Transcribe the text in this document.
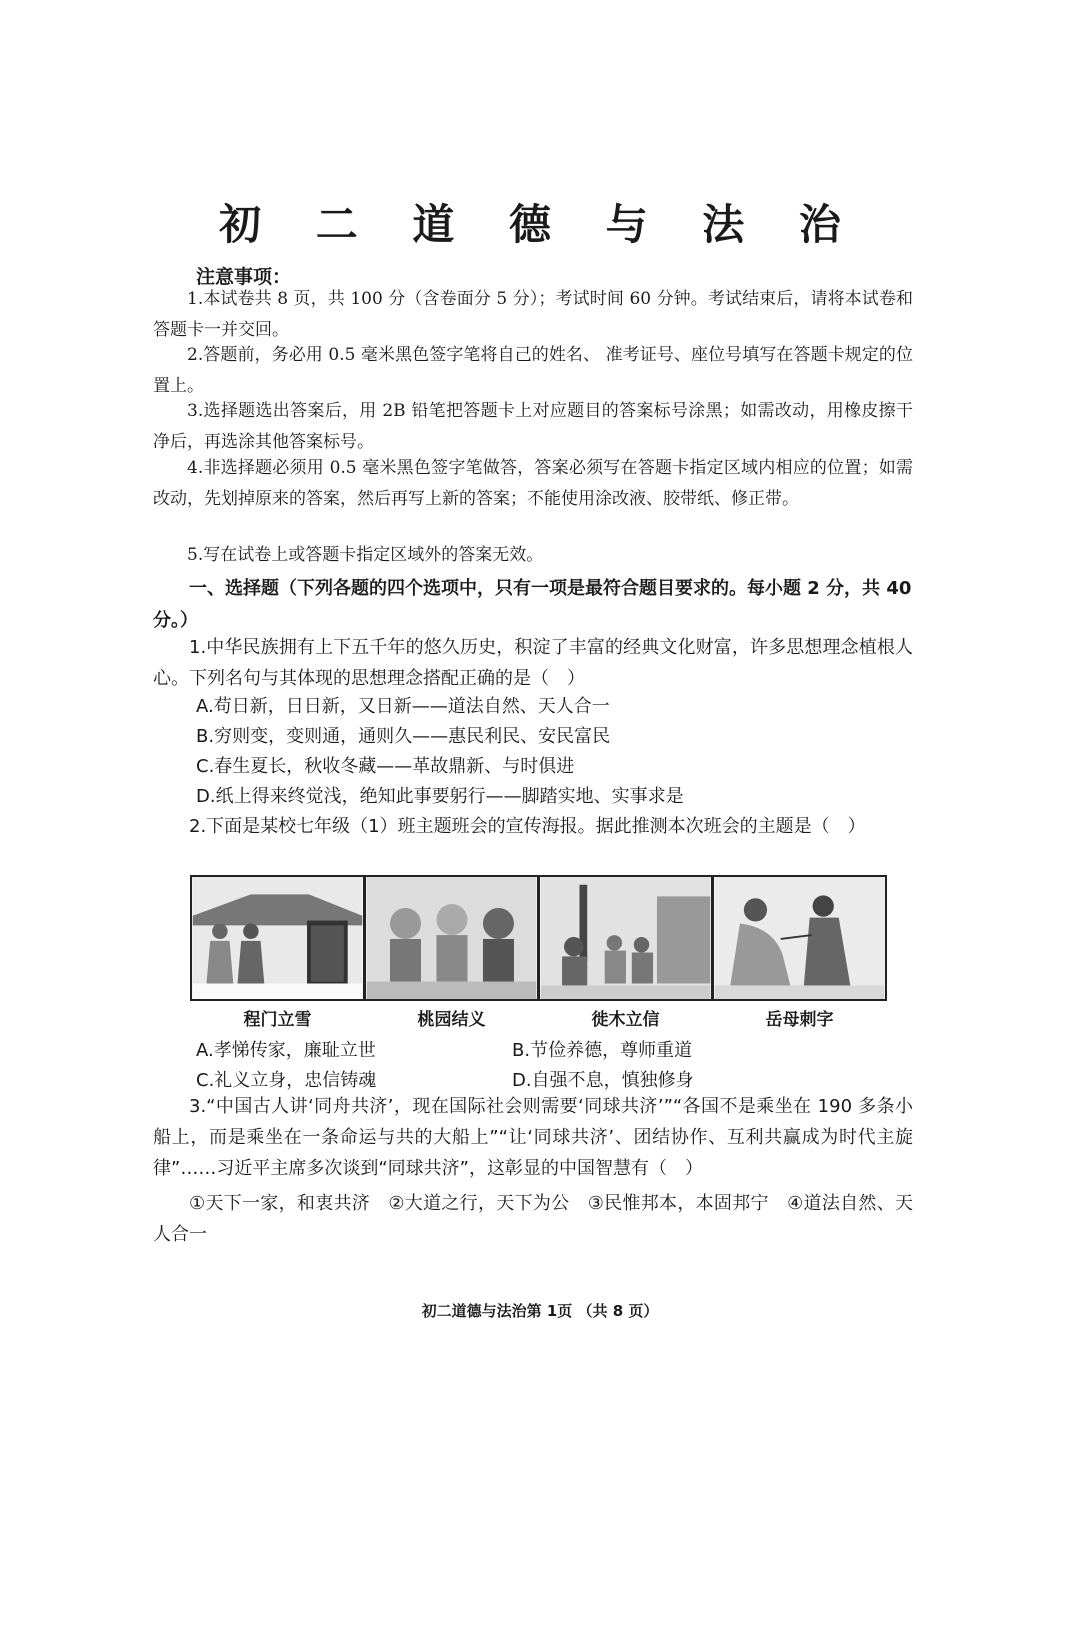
初 二 道 德 与 法 治
注意事项：

1.本试卷共 8 页，共 100 分（含卷面分 5 分）；考试时间 60 分钟。考试结束后，请将本试卷和答题卡一并交回。

2.答题前，务必用 0.5 毫米黑色签字笔将自己的姓名、 准考证号、座位号填写在答题卡规定的位置上。

3.选择题选出答案后，用 2B 铅笔把答题卡上对应题目的答案标号涂黑；如需改动，用橡皮擦干净后，再选涂其他答案标号。

4.非选择题必须用 0.5 毫米黑色签字笔做答，答案必须写在答题卡指定区域内相应的位置；如需改动，先划掉原来的答案，然后再写上新的答案；不能使用涂改液、胶带纸、修正带。

5.写在试卷上或答题卡指定区域外的答案无效。

一、选择题（下列各题的四个选项中，只有一项是最符合题目要求的。每小题 2 分，共 40 分。）

1.中华民族拥有上下五千年的悠久历史，积淀了丰富的经典文化财富，许多思想理念植根人心。下列名句与其体现的思想理念搭配正确的是（　）

A.苟日新，日日新，又日新——道法自然、天人合一
B.穷则变，变则通，通则久——惠民利民、安民富民
C.春生夏长，秋收冬藏——革故鼎新、与时俱进
D.纸上得来终觉浅，绝知此事要躬行——脚踏实地、实事求是

2.下面是某校七年级（1）班主题班会的宣传海报。据此推测本次班会的主题是（　）

程门立雪	桃园结义	徙木立信	岳母刺字
A.孝悌传家，廉耻立世	B.节俭养德，尊师重道
C.礼义立身，忠信铸魂	D.自强不息，慎独修身

3.“中国古人讲‘同舟共济’，现在国际社会则需要‘同球共济’”“各国不是乘坐在 190 多条小船上，而是乘坐在一条命运与共的大船上”“让‘同球共济’、团结协作、互利共赢成为时代主旋律”……习近平主席多次谈到“同球共济”，这彰显的中国智慧有（　）

①天下一家，和衷共济　②大道之行，天下为公　③民惟邦本，本固邦宁　④道法自然、天人合一

初二道德与法治第 1页 （共 8 页）
